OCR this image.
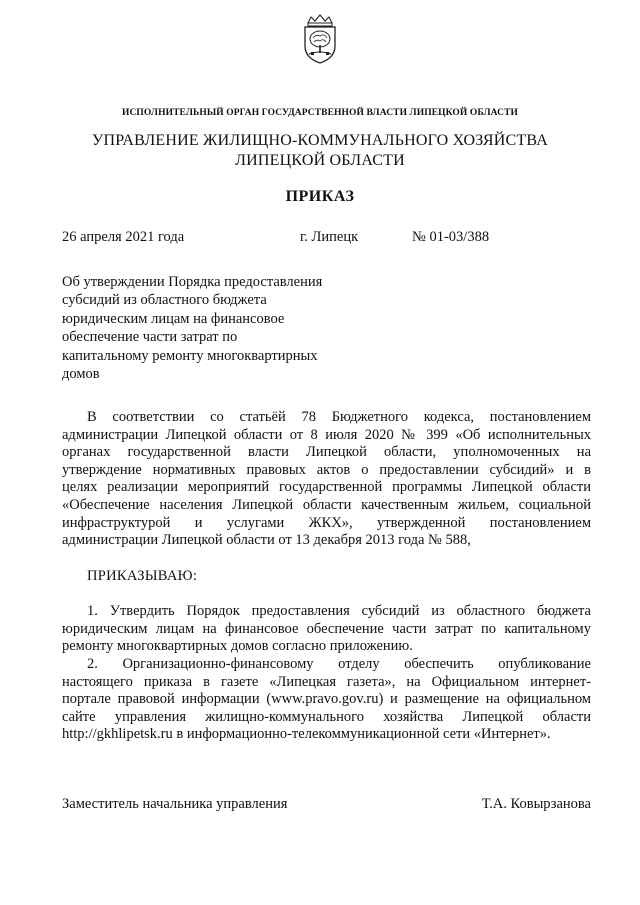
ИСПОЛНИТЕЛЬНЫЙ ОРГАН ГОСУДАРСТВЕННОЙ ВЛАСТИ ЛИПЕЦКОЙ ОБЛАСТИ
УПРАВЛЕНИЕ ЖИЛИЩНО-КОММУНАЛЬНОГО ХОЗЯЙСТВА
ЛИПЕЦКОЙ ОБЛАСТИ
ПРИКАЗ
26 апреля 2021 года	г. Липецк	№ 01-03/388
Об утверждении Порядка предоставления
субсидий из областного бюджета
юридическим лицам на финансовое
обеспечение части затрат по
капитальному ремонту многоквартирных
домов
В соответствии со статьёй 78 Бюджетного кодекса, постановлением
администрации Липецкой области от 8 июля 2020 № 399 «Об исполнительных
органах государственной власти Липецкой области, уполномоченных на
утверждение нормативных правовых актов о предоставлении субсидий» и в
целях реализации мероприятий государственной программы Липецкой области
«Обеспечение населения Липецкой области качественным жильем, социальной
инфраструктурой и услугами ЖКХ», утвержденной постановлением
администрации Липецкой области от 13 декабря 2013 года № 588,
ПРИКАЗЫВАЮ:
1. Утвердить Порядок предоставления субсидий из областного бюджета
юридическим лицам на финансовое обеспечение части затрат по капитальному
ремонту многоквартирных домов согласно приложению.
2. Организационно-финансовому отделу обеспечить опубликование
настоящего приказа в газете «Липецкая газета», на Официальном интернет-
портале правовой информации (www.pravo.gov.ru) и размещение на официальном
сайте управления жилищно-коммунального хозяйства Липецкой области
http://gkhlipetsk.ru в информационно-телекоммуникационной сети «Интернет».
Заместитель начальника управления	Т.А. Ковырзанова
